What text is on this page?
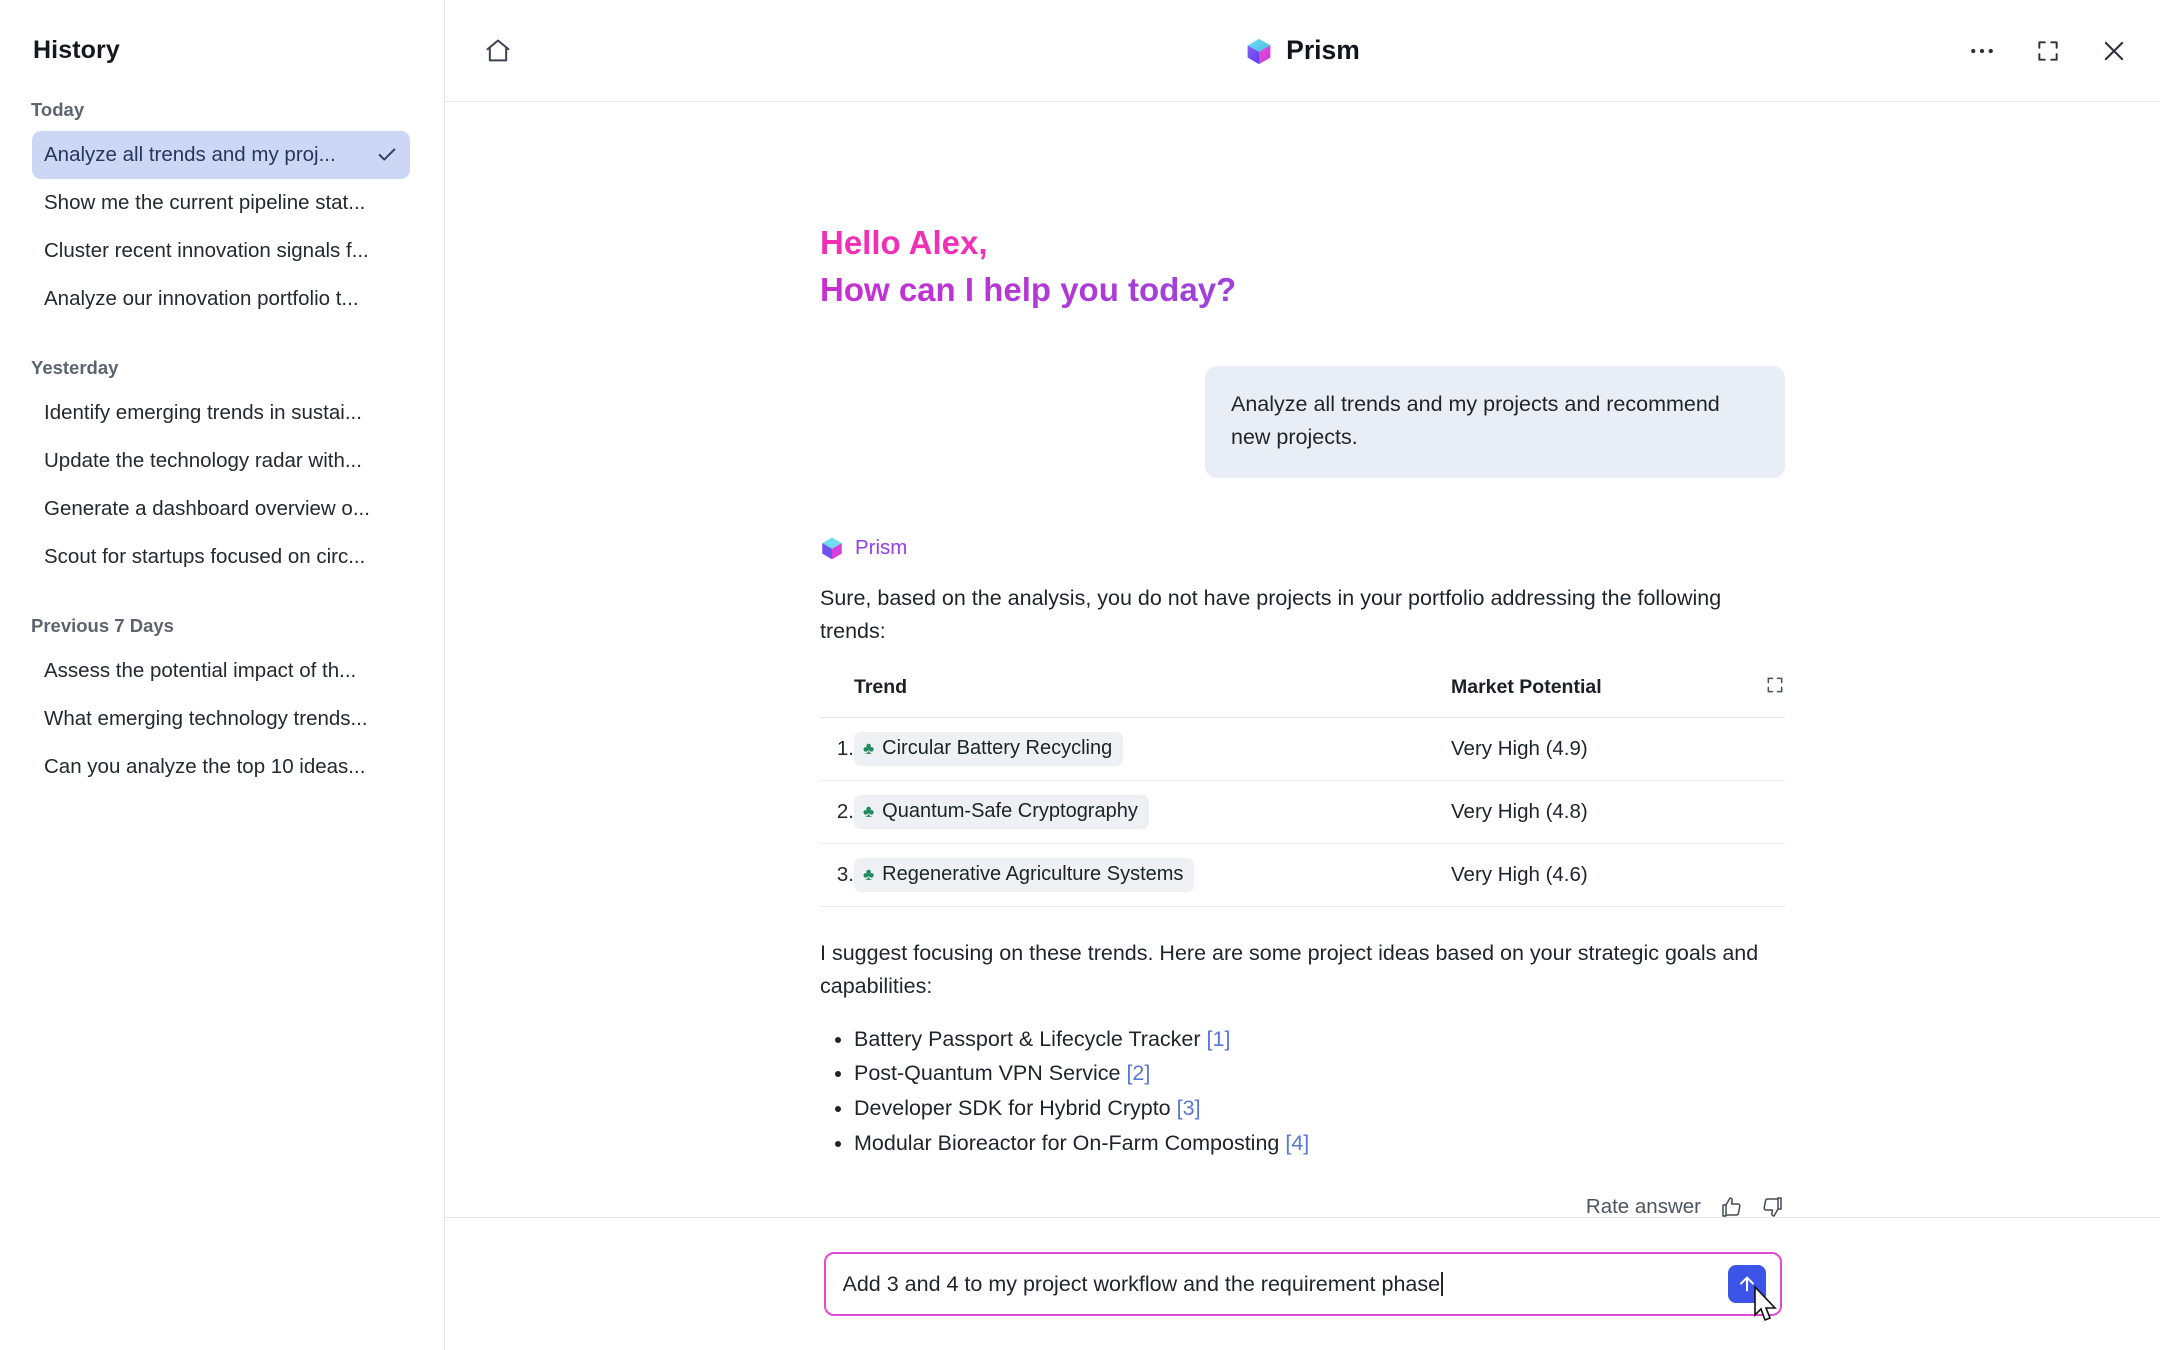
History
Today
Analyze all trends and my proj...
Show me the current pipeline stat...
Cluster recent innovation signals f...
Analyze our innovation portfolio t...
Yesterday
Identify emerging trends in sustai...
Update the technology radar with...
Generate a dashboard overview o...
Scout for startups focused on circ...
Previous 7 Days
Assess the potential impact of th...
What emerging technology trends...
Can you analyze the top 10 ideas...
Prism
Hello Alex,
How can I help you today?
Analyze all trends and my projects and recommend new projects.
Prism

Sure, based on the analysis, you do not have projects in your portfolio addressing the following trends:

	Trend	Market Potential	
1.	♣ Circular Battery Recycling	Very High (4.9)	
2.	♣ Quantum-Safe Cryptography	Very High (4.8)	
3.	♣ Regenerative Agriculture Systems	Very High (4.6)	

I suggest focusing on these trends. Here are some project ideas based on your strategic goals and capabilities:

• Battery Passport & Lifecycle Tracker [1]
• Post-Quantum VPN Service [2]
• Developer SDK for Hybrid Crypto [3]
• Modular Bioreactor for On-Farm Composting [4]
Rate answer
Add 3 and 4 to my project workflow and the requirement phase
